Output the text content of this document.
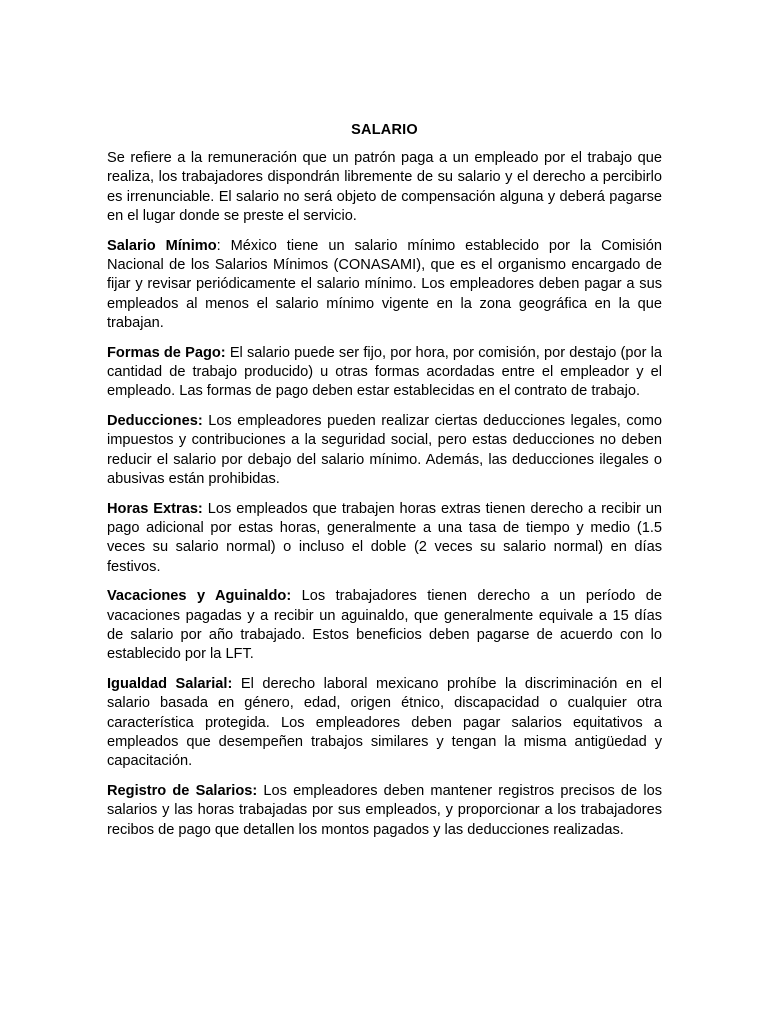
SALARIO

Se refiere a la remuneración que un patrón paga a un empleado por el trabajo que realiza, los trabajadores dispondrán libremente de su salario y el derecho a percibirlo es irrenunciable. El salario no será objeto de compensación alguna y deberá pagarse en el lugar donde se preste el servicio.

Salario Mínimo: México tiene un salario mínimo establecido por la Comisión Nacional de los Salarios Mínimos (CONASAMI), que es el organismo encargado de fijar y revisar periódicamente el salario mínimo. Los empleadores deben pagar a sus empleados al menos el salario mínimo vigente en la zona geográfica en la que trabajan.

Formas de Pago: El salario puede ser fijo, por hora, por comisión, por destajo (por la cantidad de trabajo producido) u otras formas acordadas entre el empleador y el empleado. Las formas de pago deben estar establecidas en el contrato de trabajo.

Deducciones: Los empleadores pueden realizar ciertas deducciones legales, como impuestos y contribuciones a la seguridad social, pero estas deducciones no deben reducir el salario por debajo del salario mínimo. Además, las deducciones ilegales o abusivas están prohibidas.

Horas Extras: Los empleados que trabajen horas extras tienen derecho a recibir un pago adicional por estas horas, generalmente a una tasa de tiempo y medio (1.5 veces su salario normal) o incluso el doble (2 veces su salario normal) en días festivos.

Vacaciones y Aguinaldo: Los trabajadores tienen derecho a un período de vacaciones pagadas y a recibir un aguinaldo, que generalmente equivale a 15 días de salario por año trabajado. Estos beneficios deben pagarse de acuerdo con lo establecido por la LFT.

Igualdad Salarial: El derecho laboral mexicano prohíbe la discriminación en el salario basada en género, edad, origen étnico, discapacidad o cualquier otra característica protegida. Los empleadores deben pagar salarios equitativos a empleados que desempeñen trabajos similares y tengan la misma antigüedad y capacitación.

Registro de Salarios: Los empleadores deben mantener registros precisos de los salarios y las horas trabajadas por sus empleados, y proporcionar a los trabajadores recibos de pago que detallen los montos pagados y las deducciones realizadas.
